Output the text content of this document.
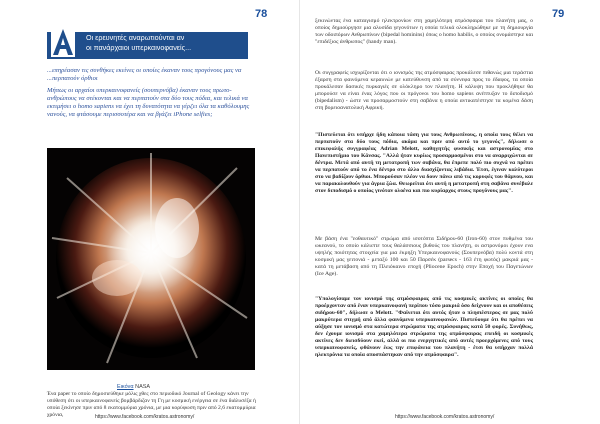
78
Οι ερευνητές αναρωτιούνται αν
οι πανάρχαιοι υπερκαινοφανείς...

...επηρέασαν τις συνθήκες εκείνες οι οποίες έκαναν τους προγόνους μας να ...περπατούν όρθιοι

Μήπως οι αρχαίοι υπερκαινοφανείς (σουπερνόβα) έκαναν τους πρωτο-ανθρώπους να στέκονται και να περπατούν στα δύο τους πόδια, και τελικά να εκτιμήσει ο homo sapiens να έχει τη δυνατότητα να γέρζει όλα τα καθόλουμης νανούς, να φτάσουμε περισσοτέρα και να βγάζει iPhone selfies;

Εικόνα NASA
Ένα paper το οποίο δημοσιεύθηκε μόλις χθες στο περιοδικό Journal of Geology κάνει την υπόθεση ότι οι υπερκαινοφανείς βομβάρδιζαν τη Γη με κοσμική ενέργεια σε ένα διάλυσέζα ή οποία ξεκίνησε πριν από 8 εκατομμύρια χρόνια, με μια κορύφωση πριν από 2,6 εκατομμύρια χρόνια,	https://www.facebook.com/kratos.astronomy/
79
ξεκινώντας ένα καταιγισμό ηλεκτρονίων στη χαμηλότερη ατμόσφαιρα του πλανήτη μας, ο οποίος δημιούργησε μια αλυσίδα γεγονότων η οποία τελικά ολοκληρώθηκε με τη δημιουργία των οδοιπόρων Ανθρωπίνων (bipedal hominins) όπως ο homo habilis, ο οποίος ονομάστηκε και "επιδέξιος άνθρωπος" (handy man).
Οι συγγραφείς ισχυρίζονται ότι ο ιονισμός της ατμόσφαιρας προκάλεσε πιθανώς μια τεράστια έξαρση στα φαινόμενα κεραυνών με κατεύθυνση από τα σύννεφα προς το έδαφος, τα οποία προκάλεσαν δασικές πυρκαγιές σε ολόκληρο τον πλανήτη. Η κάλυψη που προκλήθηκε θα μπορούσε να είναι ένας λόγος που οι πρόγονοι του homo sapiens ανέπτυξαν το διποδισμό (bipedalism) - ώστε να προσαρμοστούν στη σαβάνα η οποία αντικατέστησε τα κομένα δάση στη βορειοανατολική Αφρική.
"Πιστεύεται ότι υπήρχε ήδη κάποια τάση για τους Ανθρωπίνους, η οποία τους θέλει να περπατούν στα δύο τους πόδια, ακόμα και πριν από αυτό το γεγονός", δήλωσε ο επικεφαλής συγγραφέας Adrian Melott, καθηγητής φυσικής και αστρονομίας στο Πανεπιστήμιο του Κάνσας. "Αλλά ήταν κυρίως προσαρμοσμένοι στο να αναρριχώνται σε δέντρα. Μετά από αυτή τη μετατροπή των σαβάνα, θα έπρεπε πολύ πιο συχνά να πρέπει να περπατούν από το ένα δέντρο στο άλλο διασχίζοντας λιβάδια. Έτσι, έγιναν καλύτεροι στο να βαδίζουν όρθιοι. Μπορούσαν πλέον να δουν πάνω από τις κορυφές του θάμνου, και να παρακολουθούν για άγρια ζώα. Θεωρείται ότι αυτή η μετατροπή στη σαβάνα συνέβαλε στον διποδισμό ο οποίος γινόταν ολοένα και πιο κυρίαρχος στους προγόνους μας".
Με βάση ένα "εοθαυτικό" στρώμα από ισοτόπτα Σιδήρου-60 (Iron-60) στον πυθμένα του ωκεανού, το οποίο κάλυπτε τους θαλάσσιους βυθούς του πλανήτη, οι αστρονόμοι έχουν ενα υψηλής ποιότητας στοιχεία για μια έκρηξη Υπερκαινοφανούς (Σουπερνόβα) πολύ κοντά στη κοσμική μας γειτονιά - μεταξύ 100 και 50 Παρσέκ (parsecs - 163 έτη φωτός) μακριά μας - κατά τη μετάβαση από τη Πλειόκαινο εποχή (Pliocene Epoch) στην Εποχή του Παγετώνων (Ice Age).
"Υπολογίσαμε τον ιονισμό της ατμόσφαιρας από τις κοσμικές ακτίνες οι οποίες θα προέρχονταν από έναν υπερκαινοφανή περίπου τόσο μακριά όσο δείχνουν και οι αποθέσεις σιδήρου-60", δήλωσε ο Melott. "Φαίνεται ότι αυτός ήταν ο πλησιέστερος σε μας πολύ μακρύτερα στιγμή από άλλα φαινόμενα υπερκαινοφανών. Πιστεύουμε ότι θα πρέπει να αύξησε τον ιονισμό στα κατώτερα στρώματα της ατμόσφαιρας κατά 50 φορές. Συνήθως, δεν έχουμε ιονισμό στα χαμηλότερα στρώματα της ατμόσφαιρας επειδή οι κοσμικές ακτίνες δεν διεισδύουν εκεί, αλλά οι πιο ενεργητικές από αυτές προερχόμενες από τους υπερκαινοφανείς, φθάνουν έως την επιφάνεια του πλανήτη - έτσι θα υπήρχαν πολλά ηλεκτρόνια τα οποία αποσπάστηκαν από την ατμόσφαιρα".
https://www.facebook.com/kratos.astronomy/
